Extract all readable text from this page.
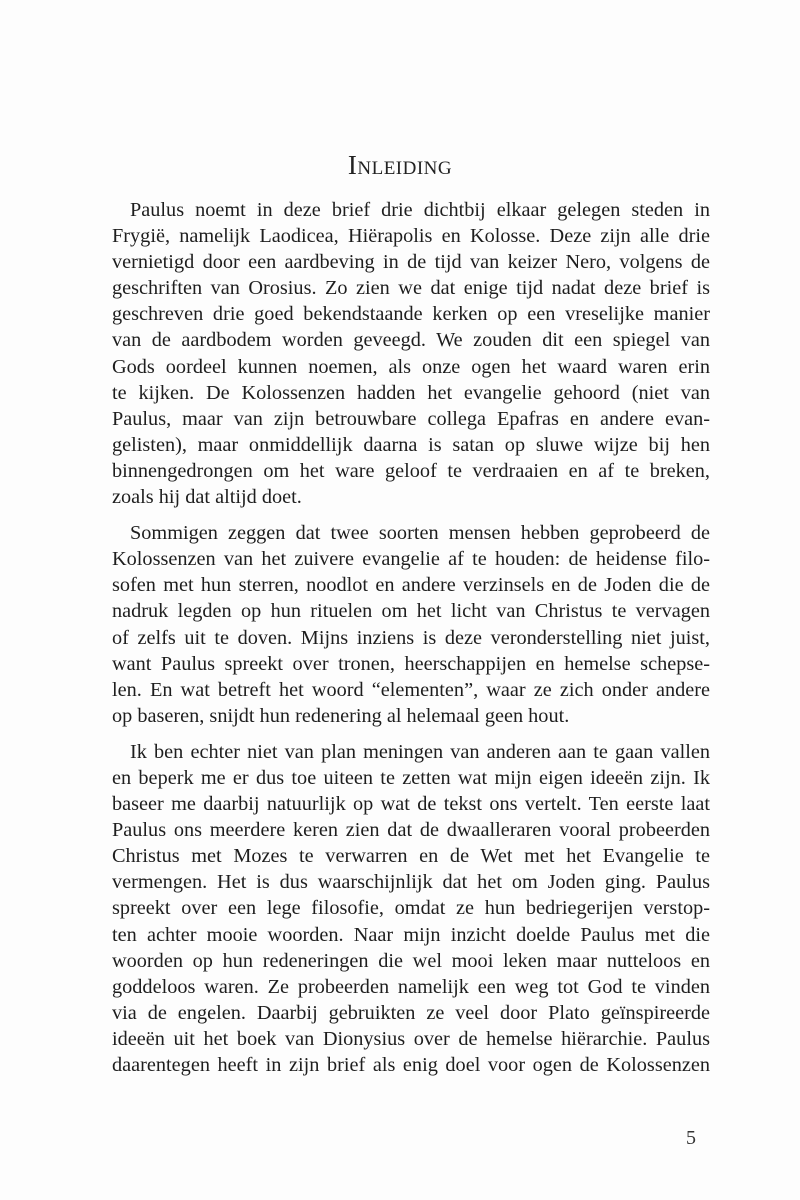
Inleiding
Paulus noemt in deze brief drie dichtbij elkaar gelegen steden in
Frygië, namelijk Laodicea, Hiërapolis en Kolosse. Deze zijn alle drie
vernietigd door een aardbeving in de tijd van keizer Nero, volgens de
geschriften van Orosius. Zo zien we dat enige tijd nadat deze brief is
geschreven drie goed bekendstaande kerken op een vreselijke manier
van de aardbodem worden geveegd. We zouden dit een spiegel van
Gods oordeel kunnen noemen, als onze ogen het waard waren erin
te kijken. De Kolossenzen hadden het evangelie gehoord (niet van
Paulus, maar van zijn betrouwbare collega Epafras en andere evan-
gelisten), maar onmiddellijk daarna is satan op sluwe wijze bij hen
binnengedrongen om het ware geloof te verdraaien en af te breken,
zoals hij dat altijd doet.
Sommigen zeggen dat twee soorten mensen hebben geprobeerd de
Kolossenzen van het zuivere evangelie af te houden: de heidense filo-
sofen met hun sterren, noodlot en andere verzinsels en de Joden die de
nadruk legden op hun rituelen om het licht van Christus te vervagen
of zelfs uit te doven. Mijns inziens is deze veronderstelling niet juist,
want Paulus spreekt over tronen, heerschappijen en hemelse schepse-
len. En wat betreft het woord “elementen”, waar ze zich onder andere
op baseren, snijdt hun redenering al helemaal geen hout.
Ik ben echter niet van plan meningen van anderen aan te gaan vallen
en beperk me er dus toe uiteen te zetten wat mijn eigen ideeën zijn. Ik
baseer me daarbij natuurlijk op wat de tekst ons vertelt. Ten eerste laat
Paulus ons meerdere keren zien dat de dwaalleraren vooral probeerden
Christus met Mozes te verwarren en de Wet met het Evangelie te
vermengen. Het is dus waarschijnlijk dat het om Joden ging. Paulus
spreekt over een lege filosofie, omdat ze hun bedriegerijen verstop-
ten achter mooie woorden. Naar mijn inzicht doelde Paulus met die
woorden op hun redeneringen die wel mooi leken maar nutteloos en
goddeloos waren. Ze probeerden namelijk een weg tot God te vinden
via de engelen. Daarbij gebruikten ze veel door Plato geïnspireerde
ideeën uit het boek van Dionysius over de hemelse hiërarchie. Paulus
daarentegen heeft in zijn brief als enig doel voor ogen de Kolossenzen
5
